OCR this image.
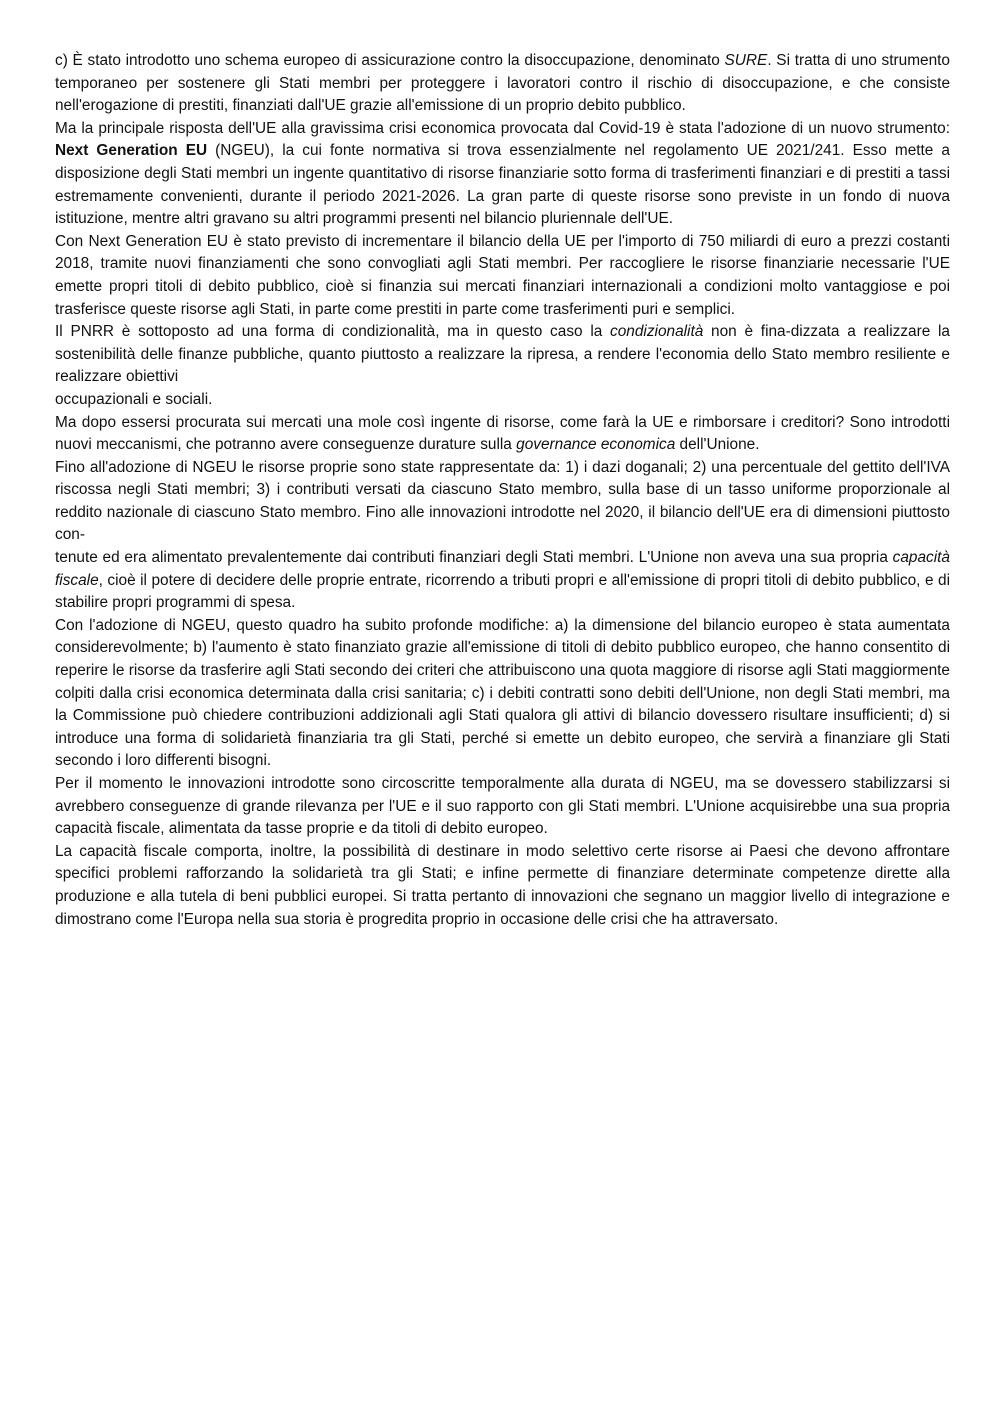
c) È stato introdotto uno schema europeo di assicurazione contro la disoccupazione, denominato SURE. Si tratta di uno strumento temporaneo per sostenere gli Stati membri per proteggere i lavoratori contro il rischio di disoccupazione, e che consiste nell'erogazione di prestiti, finanziati dall'UE grazie all'emissione di un proprio debito pubblico.

Ma la principale risposta dell'UE alla gravissima crisi economica provocata dal Covid-19 è stata l'adozione di un nuovo strumento: Next Generation EU (NGEU), la cui fonte normativa si trova essenzialmente nel regolamento UE 2021/241. Esso mette a disposizione degli Stati membri un ingente quantitativo di risorse finanziarie sotto forma di trasferimenti finanziari e di prestiti a tassi estremamente convenienti, durante il periodo 2021-2026. La gran parte di queste risorse sono previste in un fondo di nuova istituzione, mentre altri gravano su altri programmi presenti nel bilancio pluriennale dell'UE.

Con Next Generation EU è stato previsto di incrementare il bilancio della UE per l'importo di 750 miliardi di euro a prezzi costanti 2018, tramite nuovi finanziamenti che sono convogliati agli Stati membri. Per raccogliere le risorse finanziarie necessarie l'UE emette propri titoli di debito pubblico, cioè si finanzia sui mercati finanziari internazionali a condizioni molto vantaggiose e poi trasferisce queste risorse agli Stati, in parte come prestiti in parte come trasferimenti puri e semplici.

Il PNRR è sottoposto ad una forma di condizionalità, ma in questo caso la condizionalità non è fina-dizzata a realizzare la sostenibilità delle finanze pubbliche, quanto piuttosto a realizzare la ripresa, a rendere l'economia dello Stato membro resiliente e realizzare obiettivi

occupazionali e sociali.

Ma dopo essersi procurata sui mercati una mole così ingente di risorse, come farà la UE e rimborsare i creditori? Sono introdotti nuovi meccanismi, che potranno avere conseguenze durature sulla governance economica dell'Unione.

Fino all'adozione di NGEU le risorse proprie sono state rappresentate da: 1) i dazi doganali; 2) una percentuale del gettito dell'IVA riscossa negli Stati membri; 3) i contributi versati da ciascuno Stato membro, sulla base di un tasso uniforme proporzionale al reddito nazionale di ciascuno Stato membro. Fino alle innovazioni introdotte nel 2020, il bilancio dell'UE era di dimensioni piuttosto con-

tenute ed era alimentato prevalentemente dai contributi finanziari degli Stati membri. L'Unione non aveva una sua propria capacità fiscale, cioè il potere di decidere delle proprie entrate, ricorrendo a tributi propri e all'emissione di propri titoli di debito pubblico, e di stabilire propri programmi di spesa.

Con l'adozione di NGEU, questo quadro ha subito profonde modifiche: a) la dimensione del bilancio europeo è stata aumentata considerevolmente; b) l'aumento è stato finanziato grazie all'emissione di titoli di debito pubblico europeo, che hanno consentito di reperire le risorse da trasferire agli Stati secondo dei criteri che attribuiscono una quota maggiore di risorse agli Stati maggiormente colpiti dalla crisi economica determinata dalla crisi sanitaria; c) i debiti contratti sono debiti dell'Unione, non degli Stati membri, ma la Commissione può chiedere contribuzioni addizionali agli Stati qualora gli attivi di bilancio dovessero risultare insufficienti; d) si introduce una forma di solidarietà finanziaria tra gli Stati, perché si emette un debito europeo, che servirà a finanziare gli Stati secondo i loro differenti bisogni.

Per il momento le innovazioni introdotte sono circoscritte temporalmente alla durata di NGEU, ma se dovessero stabilizzarsi si avrebbero conseguenze di grande rilevanza per l'UE e il suo rapporto con gli Stati membri. L'Unione acquisirebbe una sua propria capacità fiscale, alimentata da tasse proprie e da titoli di debito europeo.

La capacità fiscale comporta, inoltre, la possibilità di destinare in modo selettivo certe risorse ai Paesi che devono affrontare specifici problemi rafforzando la solidarietà tra gli Stati; e infine permette di finanziare determinate competenze dirette alla produzione e alla tutela di beni pubblici europei. Si tratta pertanto di innovazioni che segnano un maggior livello di integrazione e dimostrano come l'Europa nella sua storia è progredita proprio in occasione delle crisi che ha attraversato.
